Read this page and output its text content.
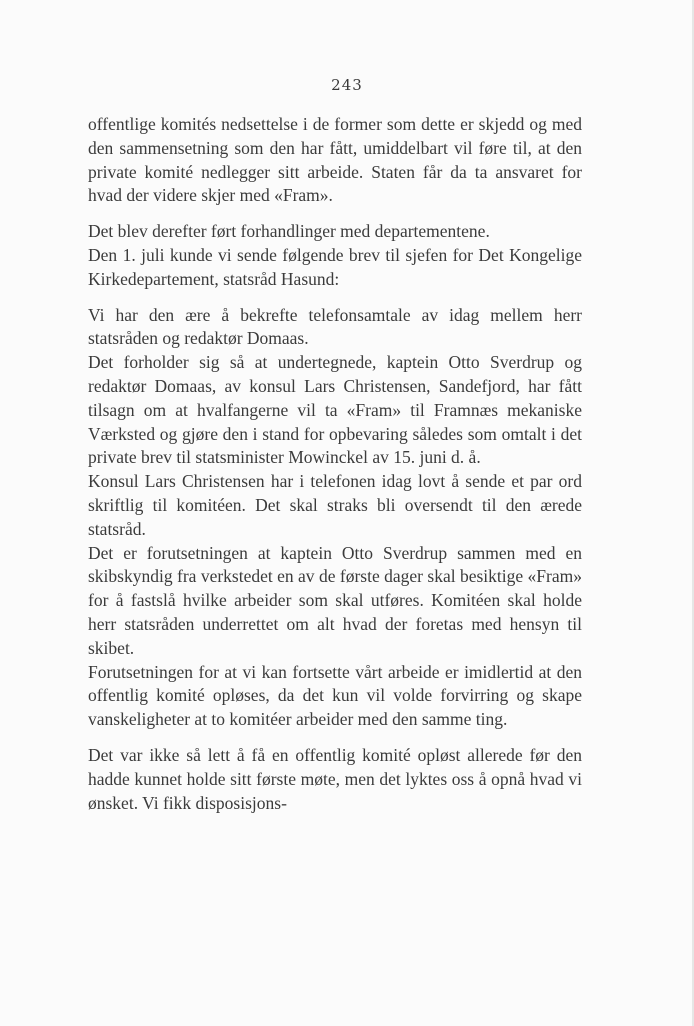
243

offentlige komités nedsettelse i de former som dette er skjedd og med den sammensetning som den har fått, umiddelbart vil føre til, at den private komité nedlegger sitt arbeide. Staten får da ta ansvaret for hvad der videre skjer med «Fram».

Det blev derefter ført forhandlinger med departementene.

Den 1. juli kunde vi sende følgende brev til sjefen for Det Kongelige Kirkedepartement, statsråd Hasund:

Vi har den ære å bekrefte telefonsamtale av idag mellem herr statsråden og redaktør Domaas.

Det forholder sig så at undertegnede, kaptein Otto Sverdrup og redaktør Domaas, av konsul Lars Christensen, Sandefjord, har fått tilsagn om at hvalfangerne vil ta «Fram» til Framnæs mekaniske Værksted og gjøre den i stand for opbevaring således som omtalt i det private brev til statsminister Mowinckel av 15. juni d. å.

Konsul Lars Christensen har i telefonen idag lovt å sende et par ord skriftlig til komitéen. Det skal straks bli oversendt til den ærede statsråd.

Det er forutsetningen at kaptein Otto Sverdrup sammen med en skibskyndig fra verkstedet en av de første dager skal besiktige «Fram» for å fastslå hvilke arbeider som skal utføres. Komitéen skal holde herr statsråden underrettet om alt hvad der foretas med hensyn til skibet.

Forutsetningen for at vi kan fortsette vårt arbeide er imidlertid at den offentlig komité opløses, da det kun vil volde forvirring og skape vanskeligheter at to komitéer arbeider med den samme ting.

Det var ikke så lett å få en offentlig komité opløst allerede før den hadde kunnet holde sitt første møte, men det lyktes oss å opnå hvad vi ønsket. Vi fikk disposisjons-
